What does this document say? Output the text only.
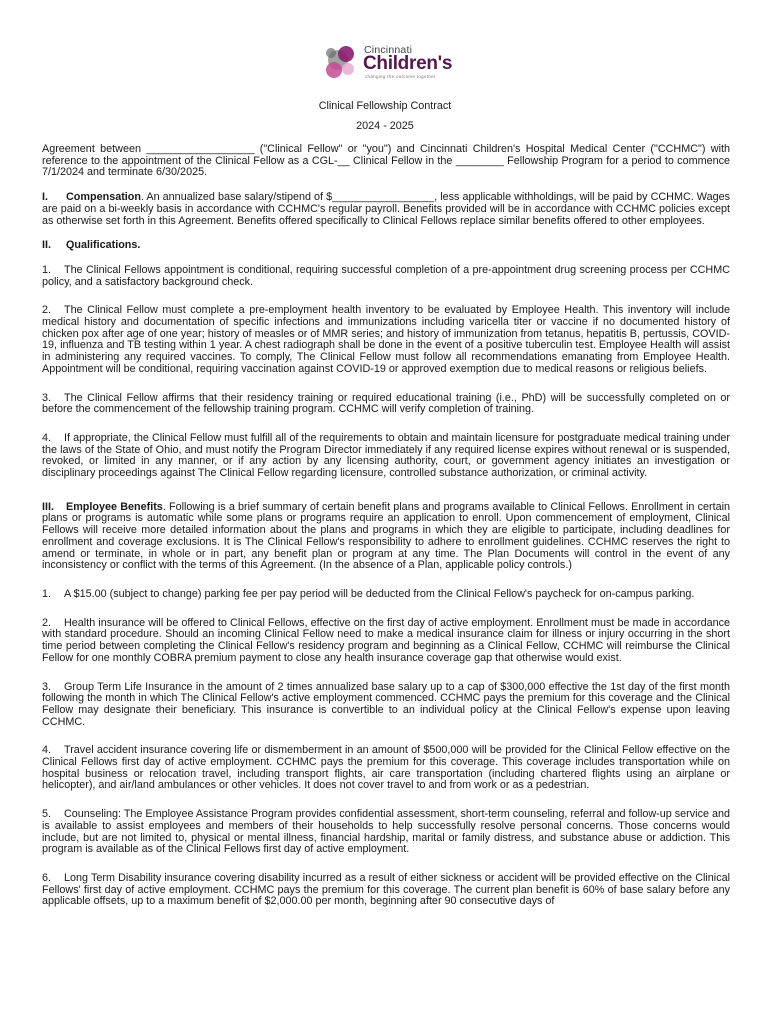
Cincinnati
Children's
changing the outcome together
Clinical Fellowship Contract
2024 - 2025

Agreement between __________________ ("Clinical Fellow" or "you") and Cincinnati Children's Hospital Medical Center ("CCHMC") with reference to the appointment of the Clinical Fellow as a CGL-__ Clinical Fellow in the ________ Fellowship Program for a period to commence 7/1/2024 and terminate 6/30/2025.

I. Compensation. An annualized base salary/stipend of $_________________, less applicable withholdings, will be paid by CCHMC. Wages are paid on a bi-weekly basis in accordance with CCHMC's regular payroll. Benefits provided will be in accordance with CCHMC policies except as otherwise set forth in this Agreement. Benefits offered specifically to Clinical Fellows replace similar benefits offered to other employees.

II. Qualifications.

1. The Clinical Fellows appointment is conditional, requiring successful completion of a pre-appointment drug screening process per CCHMC policy, and a satisfactory background check.

2. The Clinical Fellow must complete a pre-employment health inventory to be evaluated by Employee Health. This inventory will include medical history and documentation of specific infections and immunizations including varicella titer or vaccine if no documented history of chicken pox after age of one year; history of measles or of MMR series; and history of immunization from tetanus, hepatitis B, pertussis, COVID-19, influenza and TB testing within 1 year. A chest radiograph shall be done in the event of a positive tuberculin test. Employee Health will assist in administering any required vaccines. To comply, The Clinical Fellow must follow all recommendations emanating from Employee Health. Appointment will be conditional, requiring vaccination against COVID-19 or approved exemption due to medical reasons or religious beliefs.

3. The Clinical Fellow affirms that their residency training or required educational training (i.e., PhD) will be successfully completed on or before the commencement of the fellowship training program. CCHMC will verify completion of training.

4. If appropriate, the Clinical Fellow must fulfill all of the requirements to obtain and maintain licensure for postgraduate medical training under the laws of the State of Ohio, and must notify the Program Director immediately if any required license expires without renewal or is suspended, revoked, or limited in any manner, or if any action by any licensing authority, court, or government agency initiates an investigation or disciplinary proceedings against The Clinical Fellow regarding licensure, controlled substance authorization, or criminal activity.

III. Employee Benefits. Following is a brief summary of certain benefit plans and programs available to Clinical Fellows. Enrollment in certain plans or programs is automatic while some plans or programs require an application to enroll. Upon commencement of employment, Clinical Fellows will receive more detailed information about the plans and programs in which they are eligible to participate, including deadlines for enrollment and coverage exclusions. It is The Clinical Fellow's responsibility to adhere to enrollment guidelines. CCHMC reserves the right to amend or terminate, in whole or in part, any benefit plan or program at any time. The Plan Documents will control in the event of any inconsistency or conflict with the terms of this Agreement. (In the absence of a Plan, applicable policy controls.)

1. A $15.00 (subject to change) parking fee per pay period will be deducted from the Clinical Fellow's paycheck for on-campus parking.

2. Health insurance will be offered to Clinical Fellows, effective on the first day of active employment. Enrollment must be made in accordance with standard procedure. Should an incoming Clinical Fellow need to make a medical insurance claim for illness or injury occurring in the short time period between completing the Clinical Fellow's residency program and beginning as a Clinical Fellow, CCHMC will reimburse the Clinical Fellow for one monthly COBRA premium payment to close any health insurance coverage gap that otherwise would exist.

3. Group Term Life Insurance in the amount of 2 times annualized base salary up to a cap of $300,000 effective the 1st day of the first month following the month in which The Clinical Fellow's active employment commenced. CCHMC pays the premium for this coverage and the Clinical Fellow may designate their beneficiary. This insurance is convertible to an individual policy at the Clinical Fellow's expense upon leaving CCHMC.

4. Travel accident insurance covering life or dismemberment in an amount of $500,000 will be provided for the Clinical Fellow effective on the Clinical Fellows first day of active employment. CCHMC pays the premium for this coverage. This coverage includes transportation while on hospital business or relocation travel, including transport flights, air care transportation (including chartered flights using an airplane or helicopter), and air/land ambulances or other vehicles. It does not cover travel to and from work or as a pedestrian.

5. Counseling: The Employee Assistance Program provides confidential assessment, short-term counseling, referral and follow-up service and is available to assist employees and members of their households to help successfully resolve personal concerns. Those concerns would include, but are not limited to, physical or mental illness, financial hardship, marital or family distress, and substance abuse or addiction. This program is available as of the Clinical Fellows first day of active employment.

6. Long Term Disability insurance covering disability incurred as a result of either sickness or accident will be provided effective on the Clinical Fellows' first day of active employment. CCHMC pays the premium for this coverage. The current plan benefit is 60% of base salary before any applicable offsets, up to a maximum benefit of $2,000.00 per month, beginning after 90 consecutive days of
